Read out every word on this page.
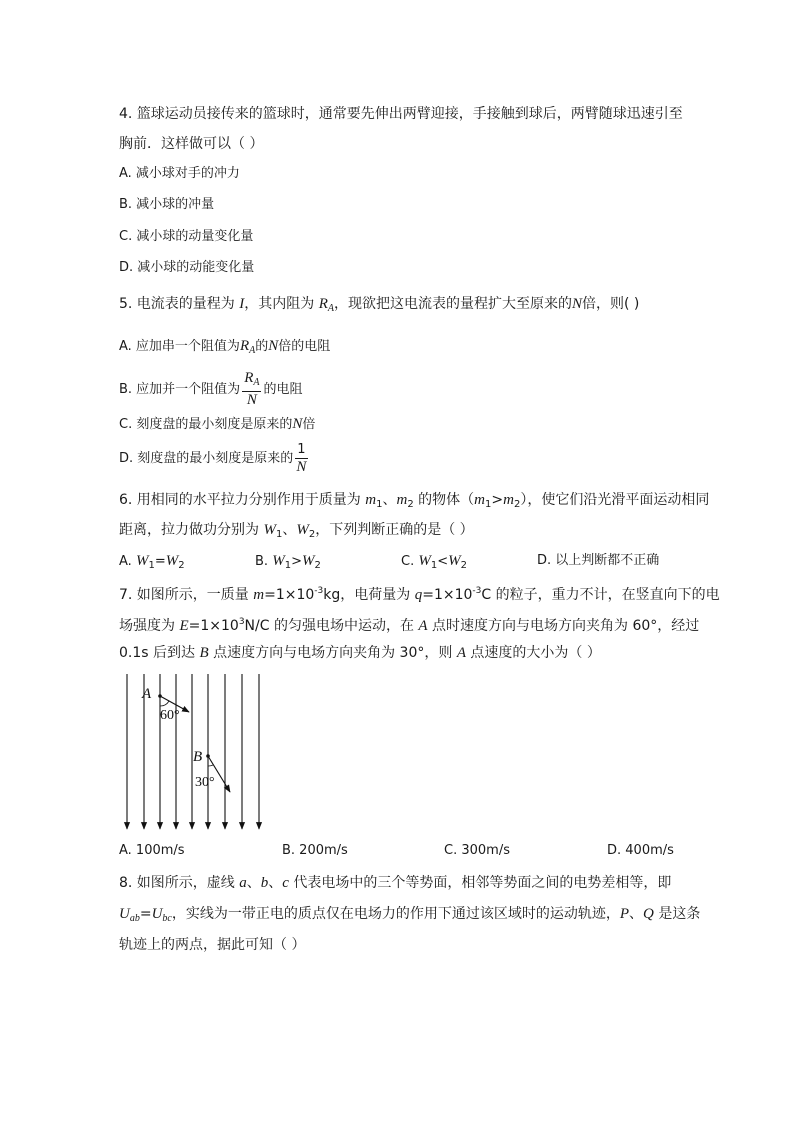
4. 篮球运动员接传来的篮球时，通常要先伸出两臂迎接，手接触到球后，两臂随球迅速引至
胸前．这样做可以（ ）
A. 减小球对手的冲力
B. 减小球的冲量
C. 减小球的动量变化量
D. 减小球的动能变化量
5. 电流表的量程为 I，其内阻为 $R_A$，现欲把这电流表的量程扩大至原来的N倍，则( )
A. 应加串一个阻值为$R_A$的N倍的电阻
B. 应加并一个阻值为 $\frac{R_A}{N}$ 的电阻
C. 刻度盘的最小刻度是原来的N倍
D. 刻度盘的最小刻度是原来的 $\frac{1}{N}$
6. 用相同的水平拉力分别作用于质量为 $m_1$、$m_2$ 的物体$(m_1>m_2)$，使它们沿光滑平面运动相同
距离，拉力做功分别为 $W_1$、$W_2$，下列判断正确的是（ ）
A. $W_1=W_2$	B. $W_1>W_2$	C. $W_1<W_2$	D. 以上判断都不正确
7. 如图所示，一质量 $m=1\times 10^{-3}kg$，电荷量为 $q=1\times 10^{-3}C$ 的粒子，重力不计，在竖直向下的电
场强度为 $E=1\times 10^3N/C$ 的匀强电场中运动，在 A 点时速度方向与电场方向夹角为 60°，经过
0.1s 后到达 B 点速度方向与电场方向夹角为 30°，则 A 点速度的大小为（ ）
A
60°
B
30°
A. 100m/s	B. 200m/s	C. 300m/s	D. 400m/s
8. 如图所示，虚线 a、b、c 代表电场中的三个等势面，相邻等势面之间的电势差相等，即
$U_{ab}=U_{bc}$，实线为一带正电的质点仅在电场力的作用下通过该区域时的运动轨迹，P、Q 是这条
轨迹上的两点，据此可知（ ）
